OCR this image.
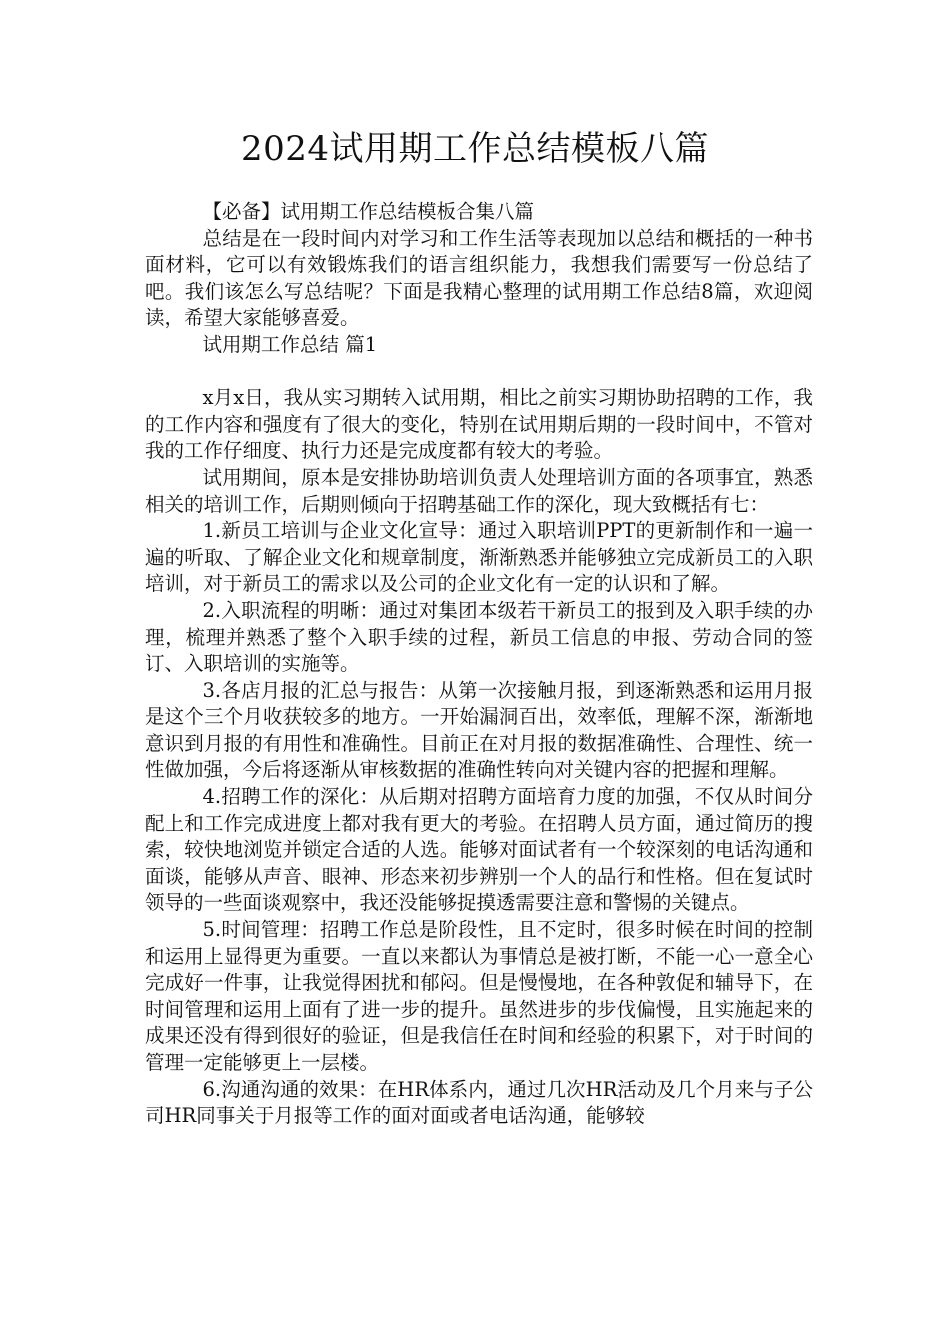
2024试用期工作总结模板八篇

【必备】试用期工作总结模板合集八篇

总结是在一段时间内对学习和工作生活等表现加以总结和概括的一种书面材料，它可以有效锻炼我们的语言组织能力，我想我们需要写一份总结了吧。我们该怎么写总结呢？下面是我精心整理的试用期工作总结8篇，欢迎阅读，希望大家能够喜爱。

试用期工作总结 篇1

x月x日，我从实习期转入试用期，相比之前实习期协助招聘的工作，我的工作内容和强度有了很大的变化，特别在试用期后期的一段时间中，不管对我的工作仔细度、执行力还是完成度都有较大的考验。

试用期间，原本是安排协助培训负责人处理培训方面的各项事宜，熟悉相关的培训工作，后期则倾向于招聘基础工作的深化，现大致概括有七：

1.新员工培训与企业文化宣导：通过入职培训PPT的更新制作和一遍一遍的听取、了解企业文化和规章制度，渐渐熟悉并能够独立完成新员工的入职培训，对于新员工的需求以及公司的企业文化有一定的认识和了解。

2.入职流程的明晰：通过对集团本级若干新员工的报到及入职手续的办理，梳理并熟悉了整个入职手续的过程，新员工信息的申报、劳动合同的签订、入职培训的实施等。

3.各店月报的汇总与报告：从第一次接触月报，到逐渐熟悉和运用月报是这个三个月收获较多的地方。一开始漏洞百出，效率低，理解不深，渐渐地意识到月报的有用性和准确性。目前正在对月报的数据准确性、合理性、统一性做加强，今后将逐渐从审核数据的准确性转向对关键内容的把握和理解。

4.招聘工作的深化：从后期对招聘方面培育力度的加强，不仅从时间分配上和工作完成进度上都对我有更大的考验。在招聘人员方面，通过简历的搜索，较快地浏览并锁定合适的人选。能够对面试者有一个较深刻的电话沟通和面谈，能够从声音、眼神、形态来初步辨别一个人的品行和性格。但在复试时领导的一些面谈观察中，我还没能够捉摸透需要注意和警惕的关键点。

5.时间管理：招聘工作总是阶段性，且不定时，很多时候在时间的控制和运用上显得更为重要。一直以来都认为事情总是被打断，不能一心一意全心完成好一件事，让我觉得困扰和郁闷。但是慢慢地，在各种敦促和辅导下，在时间管理和运用上面有了进一步的提升。虽然进步的步伐偏慢，且实施起来的成果还没有得到很好的验证，但是我信任在时间和经验的积累下，对于时间的管理一定能够更上一层楼。

6.沟通沟通的效果：在HR体系内，通过几次HR活动及几个月来与子公司HR同事关于月报等工作的面对面或者电话沟通，能够较
